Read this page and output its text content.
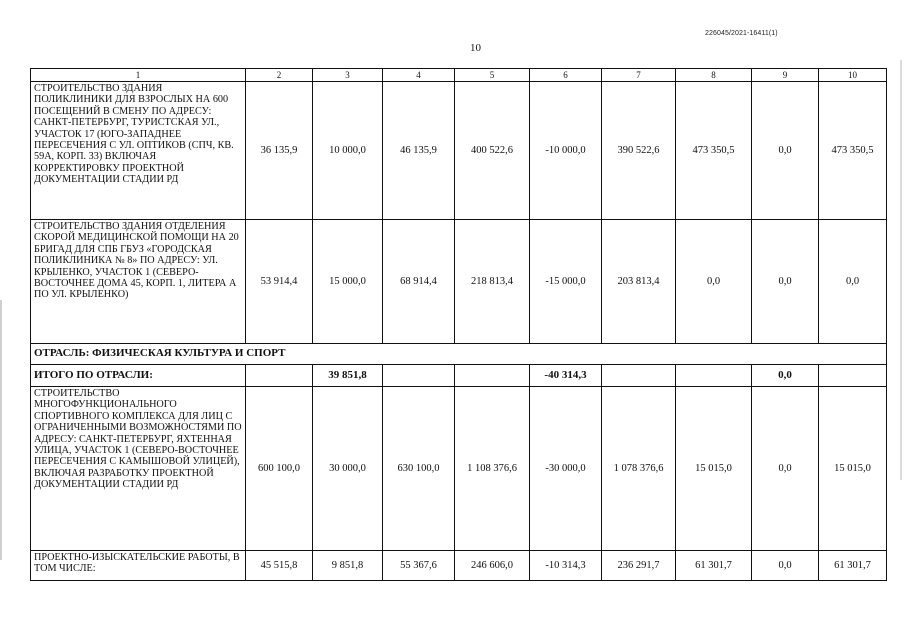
226045/2021-16411(1)
10
1	2	3	4	5	6	7	8	9	10
СТРОИТЕЛЬСТВО ЗДАНИЯ ПОЛИКЛИНИКИ ДЛЯ ВЗРОСЛЫХ НА 600 ПОСЕЩЕНИЙ В СМЕНУ ПО АДРЕСУ: САНКТ-ПЕТЕРБУРГ, ТУРИСТСКАЯ УЛ., УЧАСТОК 17 (ЮГО-ЗАПАДНЕЕ ПЕРЕСЕЧЕНИЯ С УЛ. ОПТИКОВ (СПЧ, КВ. 59А, КОРП. 33) ВКЛЮЧАЯ КОРРЕКТИРОВКУ ПРОЕКТНОЙ ДОКУМЕНТАЦИИ СТАДИИ РД	36 135,9	10 000,0	46 135,9	400 522,6	-10 000,0	390 522,6	473 350,5	0,0	473 350,5
СТРОИТЕЛЬСТВО ЗДАНИЯ ОТДЕЛЕНИЯ СКОРОЙ МЕДИЦИНСКОЙ ПОМОЩИ НА 20 БРИГАД ДЛЯ СПБ ГБУЗ «ГОРОДСКАЯ ПОЛИКЛИНИКА № 8» ПО АДРЕСУ: УЛ. КРЫЛЕНКО, УЧАСТОК 1 (СЕВЕРО-ВОСТОЧНЕЕ ДОМА 45, КОРП. 1, ЛИТЕРА А ПО УЛ. КРЫЛЕНКО)	53 914,4	15 000,0	68 914,4	218 813,4	-15 000,0	203 813,4	0,0	0,0	0,0
ОТРАСЛЬ: ФИЗИЧЕСКАЯ КУЛЬТУРА И СПОРТ									
ИТОГО ПО ОТРАСЛИ:		39 851,8			-40 314,3			0,0	
СТРОИТЕЛЬСТВО МНОГОФУНКЦИОНАЛЬНОГО СПОРТИВНОГО КОМПЛЕКСА ДЛЯ ЛИЦ С ОГРАНИЧЕННЫМИ ВОЗМОЖНОСТЯМИ ПО АДРЕСУ: САНКТ-ПЕТЕРБУРГ, ЯХТЕННАЯ УЛИЦА, УЧАСТОК 1 (СЕВЕРО-ВОСТОЧНЕЕ ПЕРЕСЕЧЕНИЯ С КАМЫШОВОЙ УЛИЦЕЙ), ВКЛЮЧАЯ РАЗРАБОТКУ ПРОЕКТНОЙ ДОКУМЕНТАЦИИ СТАДИИ РД	600 100,0	30 000,0	630 100,0	1 108 376,6	-30 000,0	1 078 376,6	15 015,0	0,0	15 015,0
ПРОЕКТНО-ИЗЫСКАТЕЛЬСКИЕ РАБОТЫ, В ТОМ ЧИСЛЕ:	45 515,8	9 851,8	55 367,6	246 606,0	-10 314,3	236 291,7	61 301,7	0,0	61 301,7
